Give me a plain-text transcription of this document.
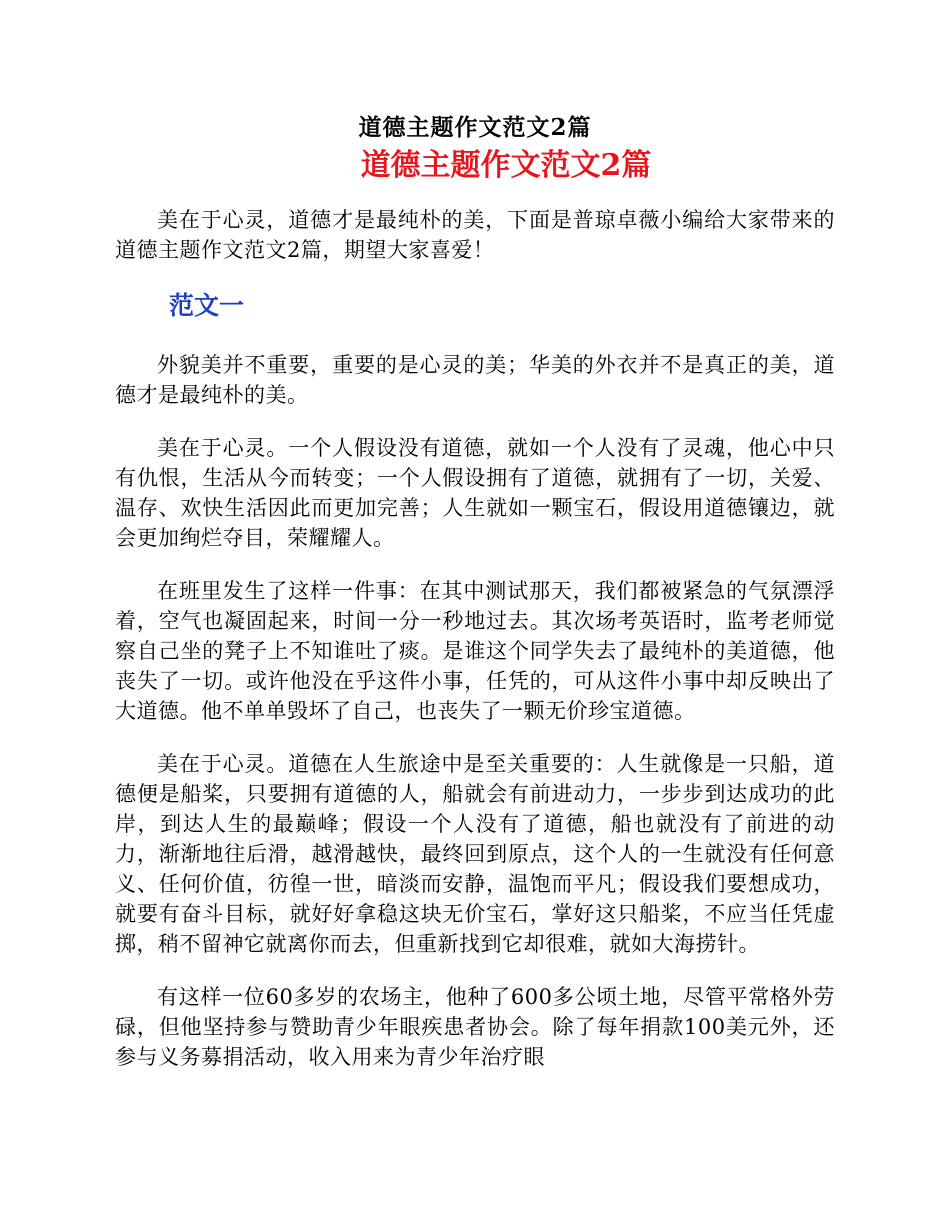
道德主题作文范文2篇
道德主题作文范文2篇

美在于心灵，道德才是最纯朴的美，下面是普琼卓薇小编给大家带来的道德主题作文范文2篇，期望大家喜爱！

范文一

外貌美并不重要，重要的是心灵的美；华美的外衣并不是真正的美，道德才是最纯朴的美。

美在于心灵。一个人假设没有道德，就如一个人没有了灵魂，他心中只有仇恨，生活从今而转变；一个人假设拥有了道德，就拥有了一切，关爱、温存、欢快生活因此而更加完善；人生就如一颗宝石，假设用道德镶边，就会更加绚烂夺目，荣耀耀人。

在班里发生了这样一件事：在其中测试那天，我们都被紧急的气氛漂浮着，空气也凝固起来，时间一分一秒地过去。其次场考英语时，监考老师觉察自己坐的凳子上不知谁吐了痰。是谁这个同学失去了最纯朴的美道德，他丧失了一切。或许他没在乎这件小事，任凭的，可从这件小事中却反映出了大道德。他不单单毁坏了自己，也丧失了一颗无价珍宝道德。

美在于心灵。道德在人生旅途中是至关重要的：人生就像是一只船，道德便是船桨，只要拥有道德的人，船就会有前进动力，一步步到达成功的此岸，到达人生的最巅峰；假设一个人没有了道德，船也就没有了前进的动力，渐渐地往后滑，越滑越快，最终回到原点，这个人的一生就没有任何意义、任何价值，彷徨一世，暗淡而安静，温饱而平凡；假设我们要想成功，就要有奋斗目标，就好好拿稳这块无价宝石，掌好这只船桨，不应当任凭虚掷，稍不留神它就离你而去，但重新找到它却很难，就如大海捞针。

有这样一位60多岁的农场主，他种了600多公顷土地，尽管平常格外劳碌，但他坚持参与赞助青少年眼疾患者协会。除了每年捐款100美元外，还参与义务募捐活动，收入用来为青少年治疗眼
